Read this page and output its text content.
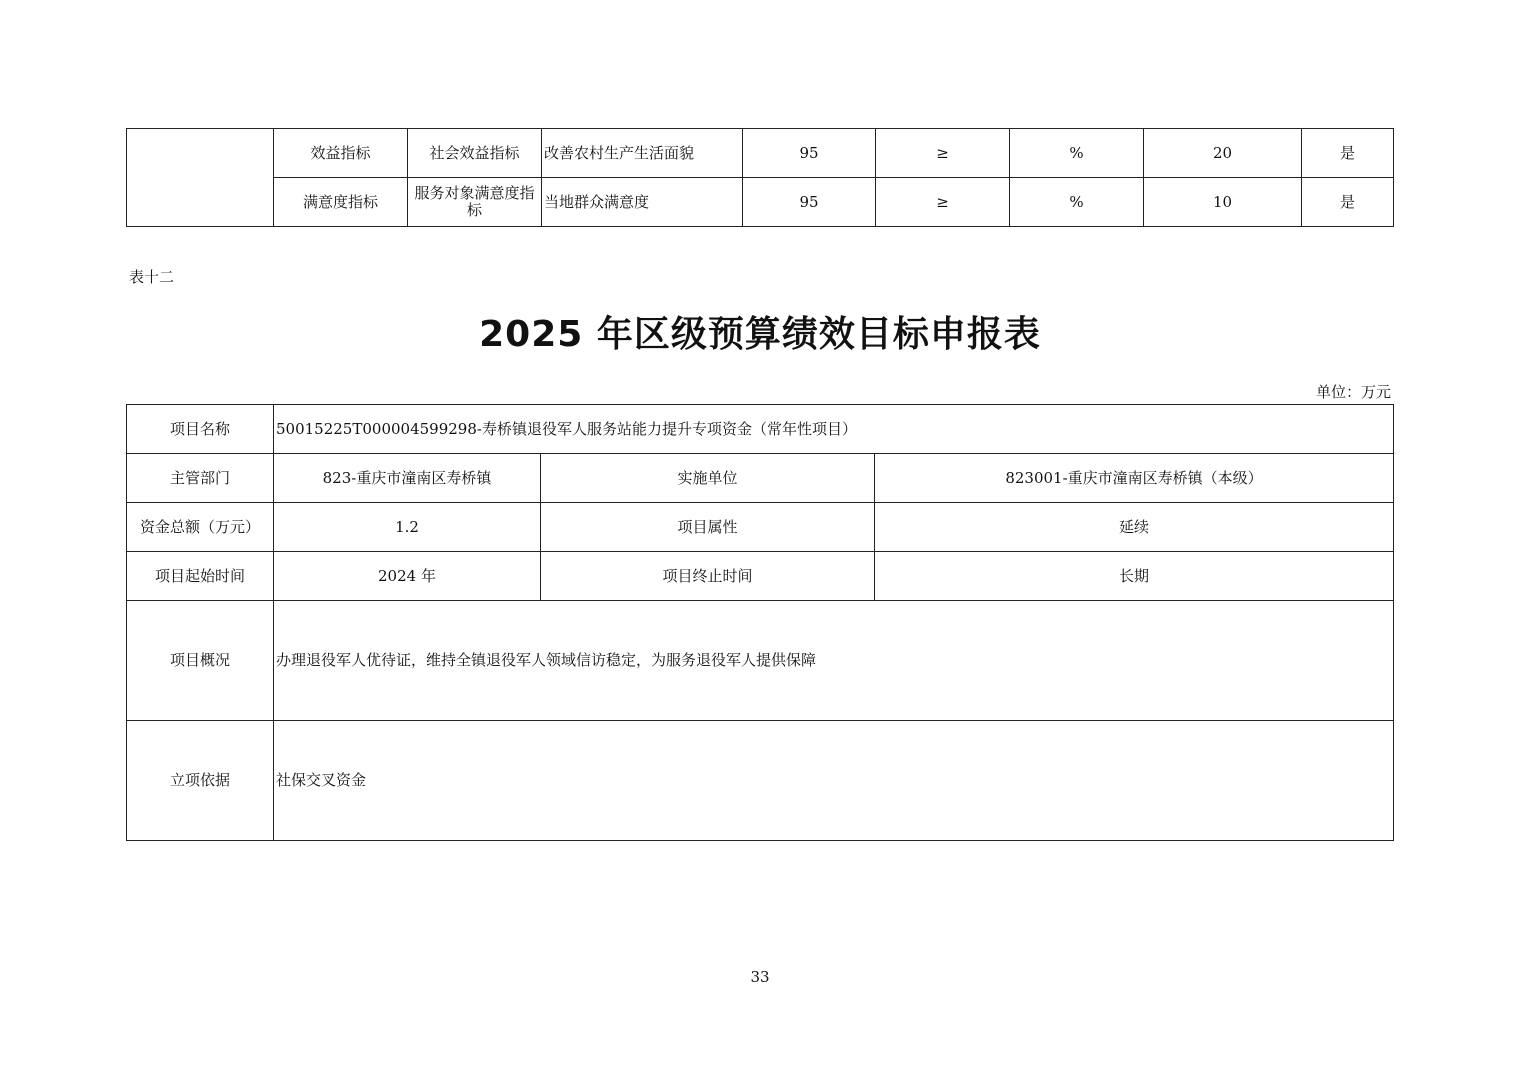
	效益指标	社会效益指标	改善农村生产生活面貌	95	≥	%	20	是
	满意度指标	服务对象满意度指标	当地群众满意度	95	≥	%	10	是
表十二
2025 年区级预算绩效目标申报表
单位：万元
项目名称	50015225T000004599298-寿桥镇退役军人服务站能力提升专项资金（常年性项目）		
主管部门	823-重庆市潼南区寿桥镇	实施单位	823001-重庆市潼南区寿桥镇（本级）
资金总额（万元）	1.2	项目属性	延续
项目起始时间	2024 年	项目终止时间	长期
项目概况	办理退役军人优待证，维持全镇退役军人领域信访稳定，为服务退役军人提供保障		
立项依据	社保交叉资金		
33
